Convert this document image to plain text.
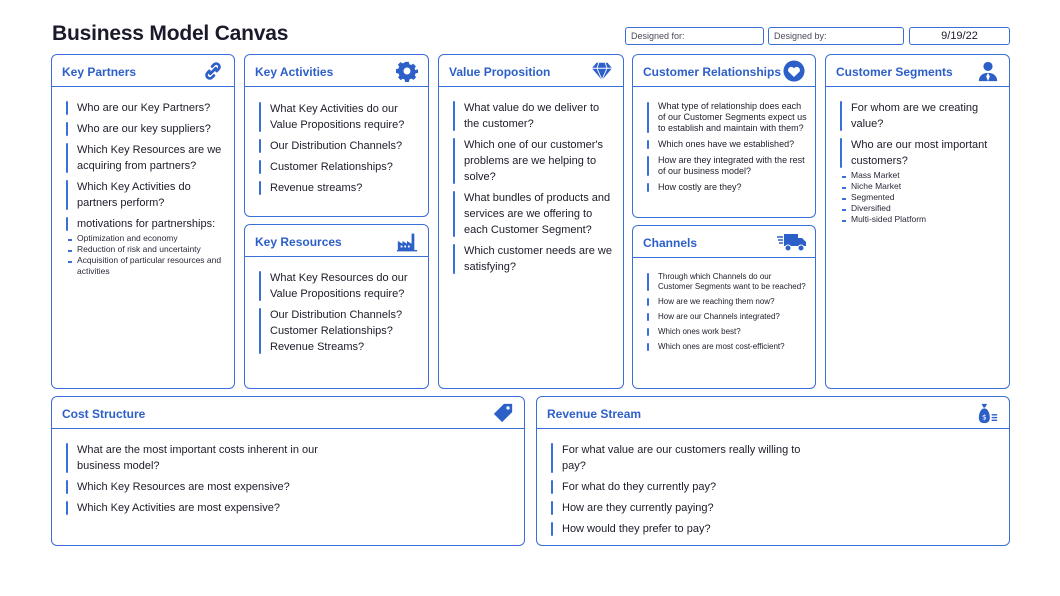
Business Model Canvas	Designed for:	Designed by:	9/19/22
Key Partners
Who are our Key Partners?
Who are our key suppliers?
Which Key Resources are we acquiring from partners?
Which Key Activities do partners perform?
motivations for partnerships:
Optimization and economy
Reduction of risk and uncertainty
Acquisition of particular resources and activities
Key Activities
What Key Activities do our Value Propositions require?
Our Distribution Channels?
Customer Relationships?
Revenue streams?
Key Resources
What Key Resources do our Value Propositions require?
Our Distribution Channels? Customer Relationships? Revenue Streams?
Value Proposition
What value do we deliver to the customer?
Which one of our customer's problems are we helping to solve?
What bundles of products and services are we offering to each Customer Segment?
Which customer needs are we satisfying?
Customer Relationships
What type of relationship does each of our Customer Segments expect us to establish and maintain with them?
Which ones have we established?
How are they integrated with the rest of our business model?
How costly are they?
Channels
Through which Channels do our Customer Segments want to be reached?
How are we reaching them now?
How are our Channels integrated?
Which ones work best?
Which ones are most cost-efficient?
Customer Segments
For whom are we creating value?
Who are our most important customers?
Mass Market
Niche Market
Segmented
Diversified
Multi-sided Platform
Cost Structure
What are the most important costs inherent in our business model?
Which Key Resources are most expensive?
Which Key Activities are most expensive?
Revenue Stream	$
For what value are our customers really willing to pay?
For what do they currently pay?
How are they currently paying?
How would they prefer to pay?
